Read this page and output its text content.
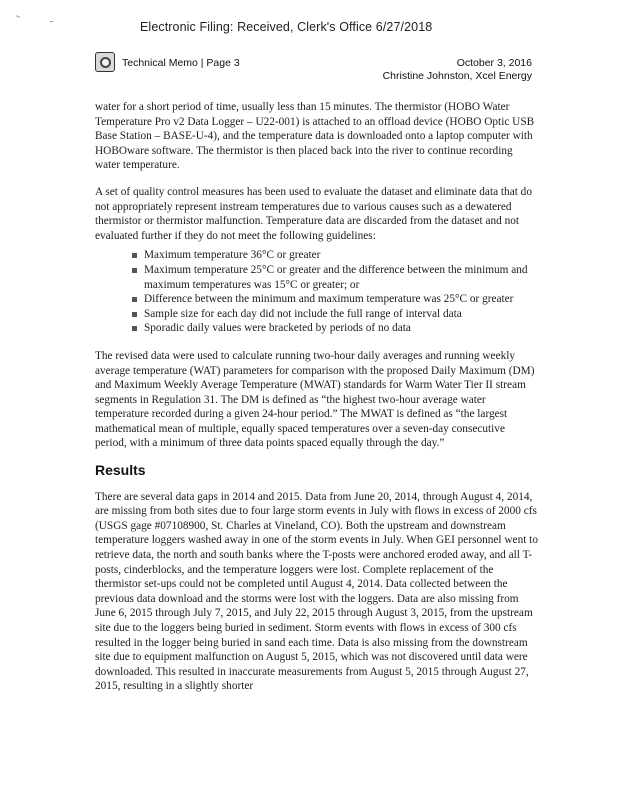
Electronic Filing: Received, Clerk's Office 6/27/2018
Technical Memo | Page 3	October 3, 2016
Christine Johnston, Xcel Energy

water for a short period of time, usually less than 15 minutes. The thermistor (HOBO Water Temperature Pro v2 Data Logger – U22-001) is attached to an offload device (HOBO Optic USB Base Station – BASE-U-4), and the temperature data is downloaded onto a laptop computer with HOBOware software. The thermistor is then placed back into the river to continue recording water temperature.

A set of quality control measures has been used to evaluate the dataset and eliminate data that do not appropriately represent instream temperatures due to various causes such as a dewatered thermistor or thermistor malfunction. Temperature data are discarded from the dataset and not evaluated further if they do not meet the following guidelines:

Maximum temperature 36°C or greater
Maximum temperature 25°C or greater and the difference between the minimum and maximum temperatures was 15°C or greater; or
Difference between the minimum and maximum temperature was 25°C or greater
Sample size for each day did not include the full range of interval data
Sporadic daily values were bracketed by periods of no data

The revised data were used to calculate running two-hour daily averages and running weekly average temperature (WAT) parameters for comparison with the proposed Daily Maximum (DM) and Maximum Weekly Average Temperature (MWAT) standards for Warm Water Tier II stream segments in Regulation 31. The DM is defined as “the highest two-hour average water temperature recorded during a given 24-hour period.” The MWAT is defined as “the largest mathematical mean of multiple, equally spaced temperatures over a seven-day consecutive period, with a minimum of three data points spaced equally through the day.”

Results

There are several data gaps in 2014 and 2015. Data from June 20, 2014, through August 4, 2014, are missing from both sites due to four large storm events in July with flows in excess of 2000 cfs (USGS gage #07108900, St. Charles at Vineland, CO). Both the upstream and downstream temperature loggers washed away in one of the storm events in July. When GEI personnel went to retrieve data, the north and south banks where the T-posts were anchored eroded away, and all T-posts, cinderblocks, and the temperature loggers were lost. Complete replacement of the thermistor set-ups could not be completed until August 4, 2014. Data collected between the previous data download and the storms were lost with the loggers. Data are also missing from June 6, 2015 through July 7, 2015, and July 22, 2015 through August 3, 2015, from the upstream site due to the loggers being buried in sediment. Storm events with flows in excess of 300 cfs resulted in the logger being buried in sand each time. Data is also missing from the downstream site due to equipment malfunction on August 5, 2015, which was not discovered until data were downloaded. This resulted in inaccurate measurements from August 5, 2015 through August 27, 2015, resulting in a slightly shorter
